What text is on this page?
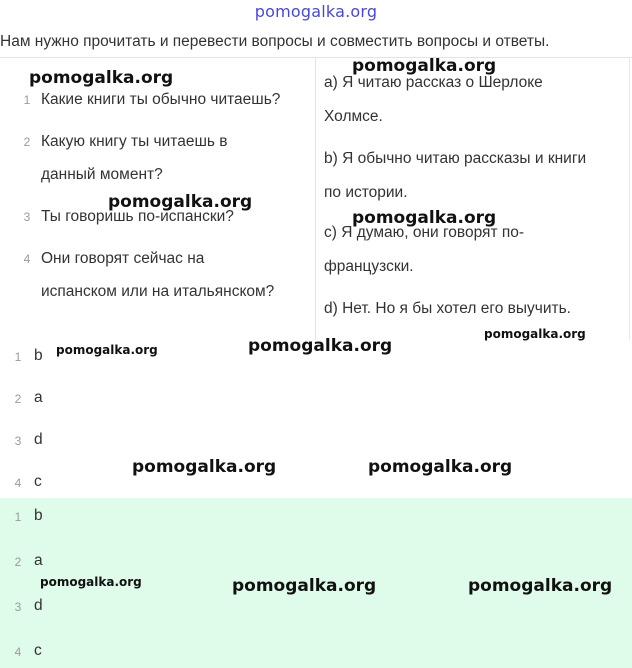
pomogalka.org
Нам нужно прочитать и перевести вопросы и совместить вопросы и ответы.
1 Какие книги ты обычно читаешь?
2 Какую книгу ты читаешь в
данный момент?
3 Ты говоришь по-испански?
4 Они говорят сейчас на
испанском или на итальянском?
a) Я читаю рассказ о Шерлоке
Холмсе.
b) Я обычно читаю рассказы и книги
по истории.
c) Я думаю, они говорят по-
французски.
d) Нет. Но я бы хотел его выучить.
1 b
2 a
3 d
4 c
1 b
2 a
3 d
4 c
pomogalka.org
pomogalka.org
pomogalka.org
pomogalka.org
pomogalka.org
pomogalka.org	pomogalka.org
pomogalka.org	pomogalka.org
pomogalka.org	pomogalka.org	pomogalka.org
